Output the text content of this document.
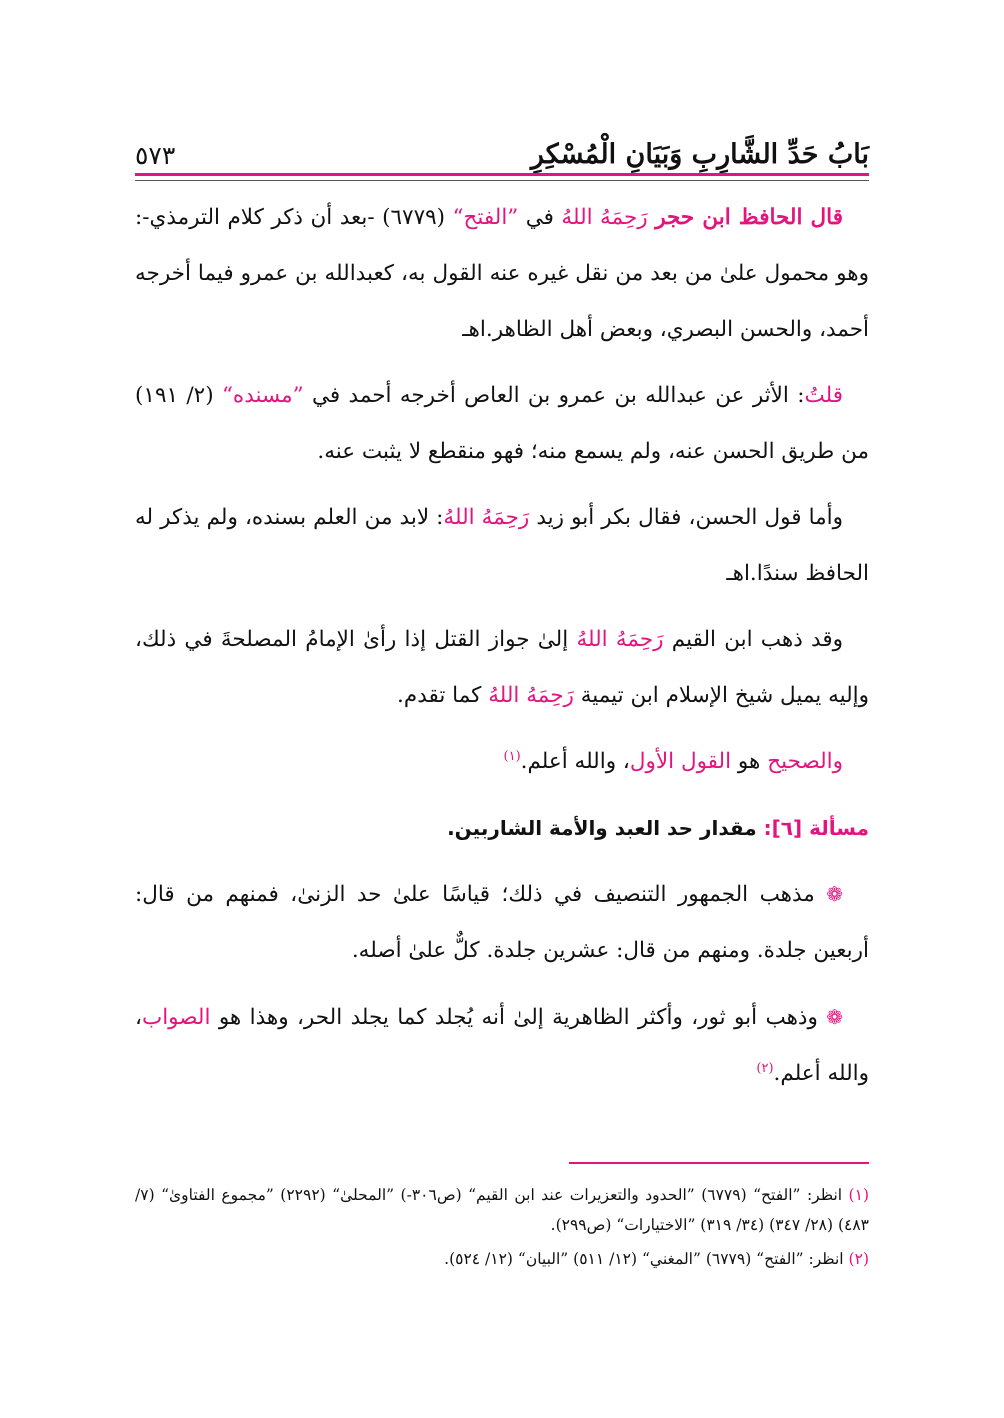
بَابُ حَدِّ الشَّارِبِ وَبَيَانِ الْمُسْكِرِ
٥٧٣

قال الحافظ ابن حجر رَحِمَهُ اللهُ في ”الفتح“ (٦٧٧٩) -بعد أن ذكر كلام الترمذي-: وهو محمول علىٰ من بعد من نقل غيره عنه القول به، كعبدالله بن عمرو فيما أخرجه أحمد، والحسن البصري، وبعض أهل الظاهر.اهـ

قلتُ: الأثر عن عبدالله بن عمرو بن العاص أخرجه أحمد في ”مسنده“ (٢/ ١٩١) من طريق الحسن عنه، ولم يسمع منه؛ فهو منقطع لا يثبت عنه.

وأما قول الحسن، فقال بكر أبو زيد رَحِمَهُ اللهُ: لابد من العلم بسنده، ولم يذكر له الحافظ سندًا.اهـ

وقد ذهب ابن القيم رَحِمَهُ اللهُ إلىٰ جواز القتل إذا رأىٰ الإمامُ المصلحةَ في ذلك، وإليه يميل شيخ الإسلام ابن تيمية رَحِمَهُ اللهُ كما تقدم.

والصحيح هو القول الأول، والله أعلم.$^{(١)}$

مسألة [٦]: مقدار حد العبد والأمة الشاربين.

❁ مذهب الجمهور التنصيف في ذلك؛ قياسًا علىٰ حد الزنىٰ، فمنهم من قال: أربعين جلدة. ومنهم من قال: عشرين جلدة. كلٌّ علىٰ أصله.

❁ وذهب أبو ثور، وأكثر الظاهرية إلىٰ أنه يُجلد كما يجلد الحر، وهذا هو الصواب، والله أعلم.$^{(٢)}$

(١) انظر: ”الفتح“ (٦٧٧٩) ”الحدود والتعزيرات عند ابن القيم“ (ص٣٠٦-) ”المحلىٰ“ (٢٢٩٢) ”مجموع الفتاوىٰ“ (٧/ ٤٨٣) (٢٨/ ٣٤٧) (٣٤/ ٣١٩) ”الاختيارات“ (ص٢٩٩).

(٢) انظر: ”الفتح“ (٦٧٧٩) ”المغني“ (١٢/ ٥١١) ”البيان“ (١٢/ ٥٢٤).
